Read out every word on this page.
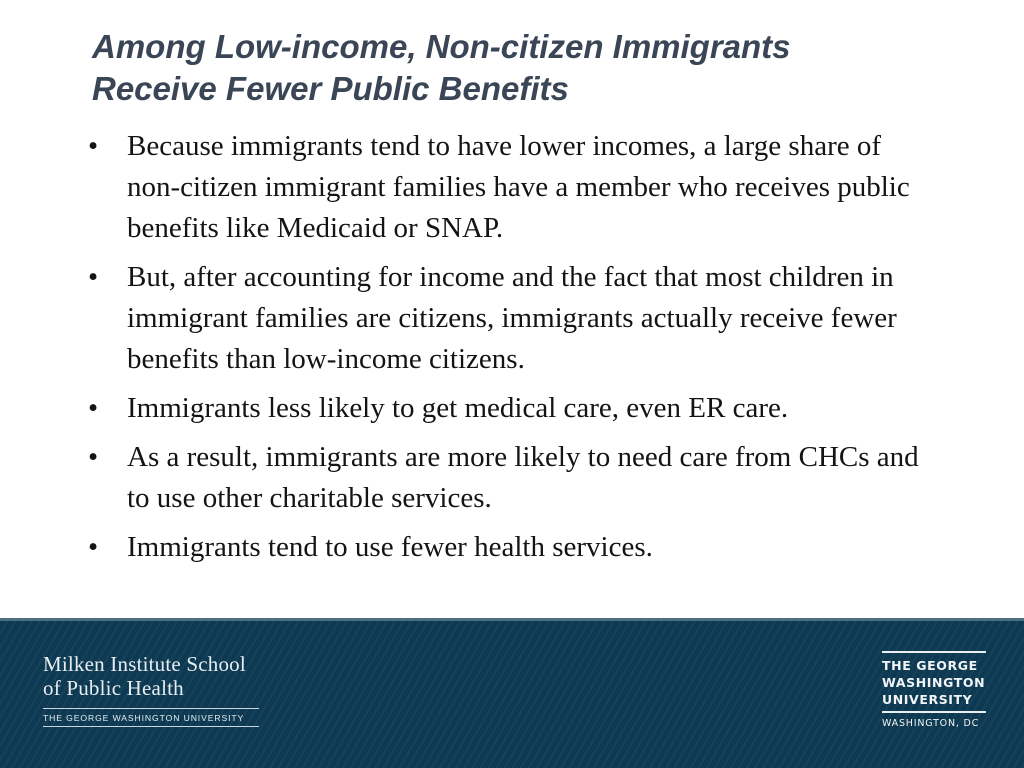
Among Low-income, Non-citizen Immigrants
Receive Fewer Public Benefits
• Because immigrants tend to have lower incomes, a large share of non-citizen immigrant families have a member who receives public benefits like Medicaid or SNAP.
• But, after accounting for income and the fact that most children in immigrant families are citizens, immigrants actually receive fewer benefits than low-income citizens.
• Immigrants less likely to get medical care, even ER care.
• As a result, immigrants are more likely to need care from CHCs and to use other charitable services.
• Immigrants tend to use fewer health services.
Milken Institute School
of Public Health
THE GEORGE WASHINGTON UNIVERSITY
THE GEORGE
WASHINGTON
UNIVERSITY
WASHINGTON, DC
